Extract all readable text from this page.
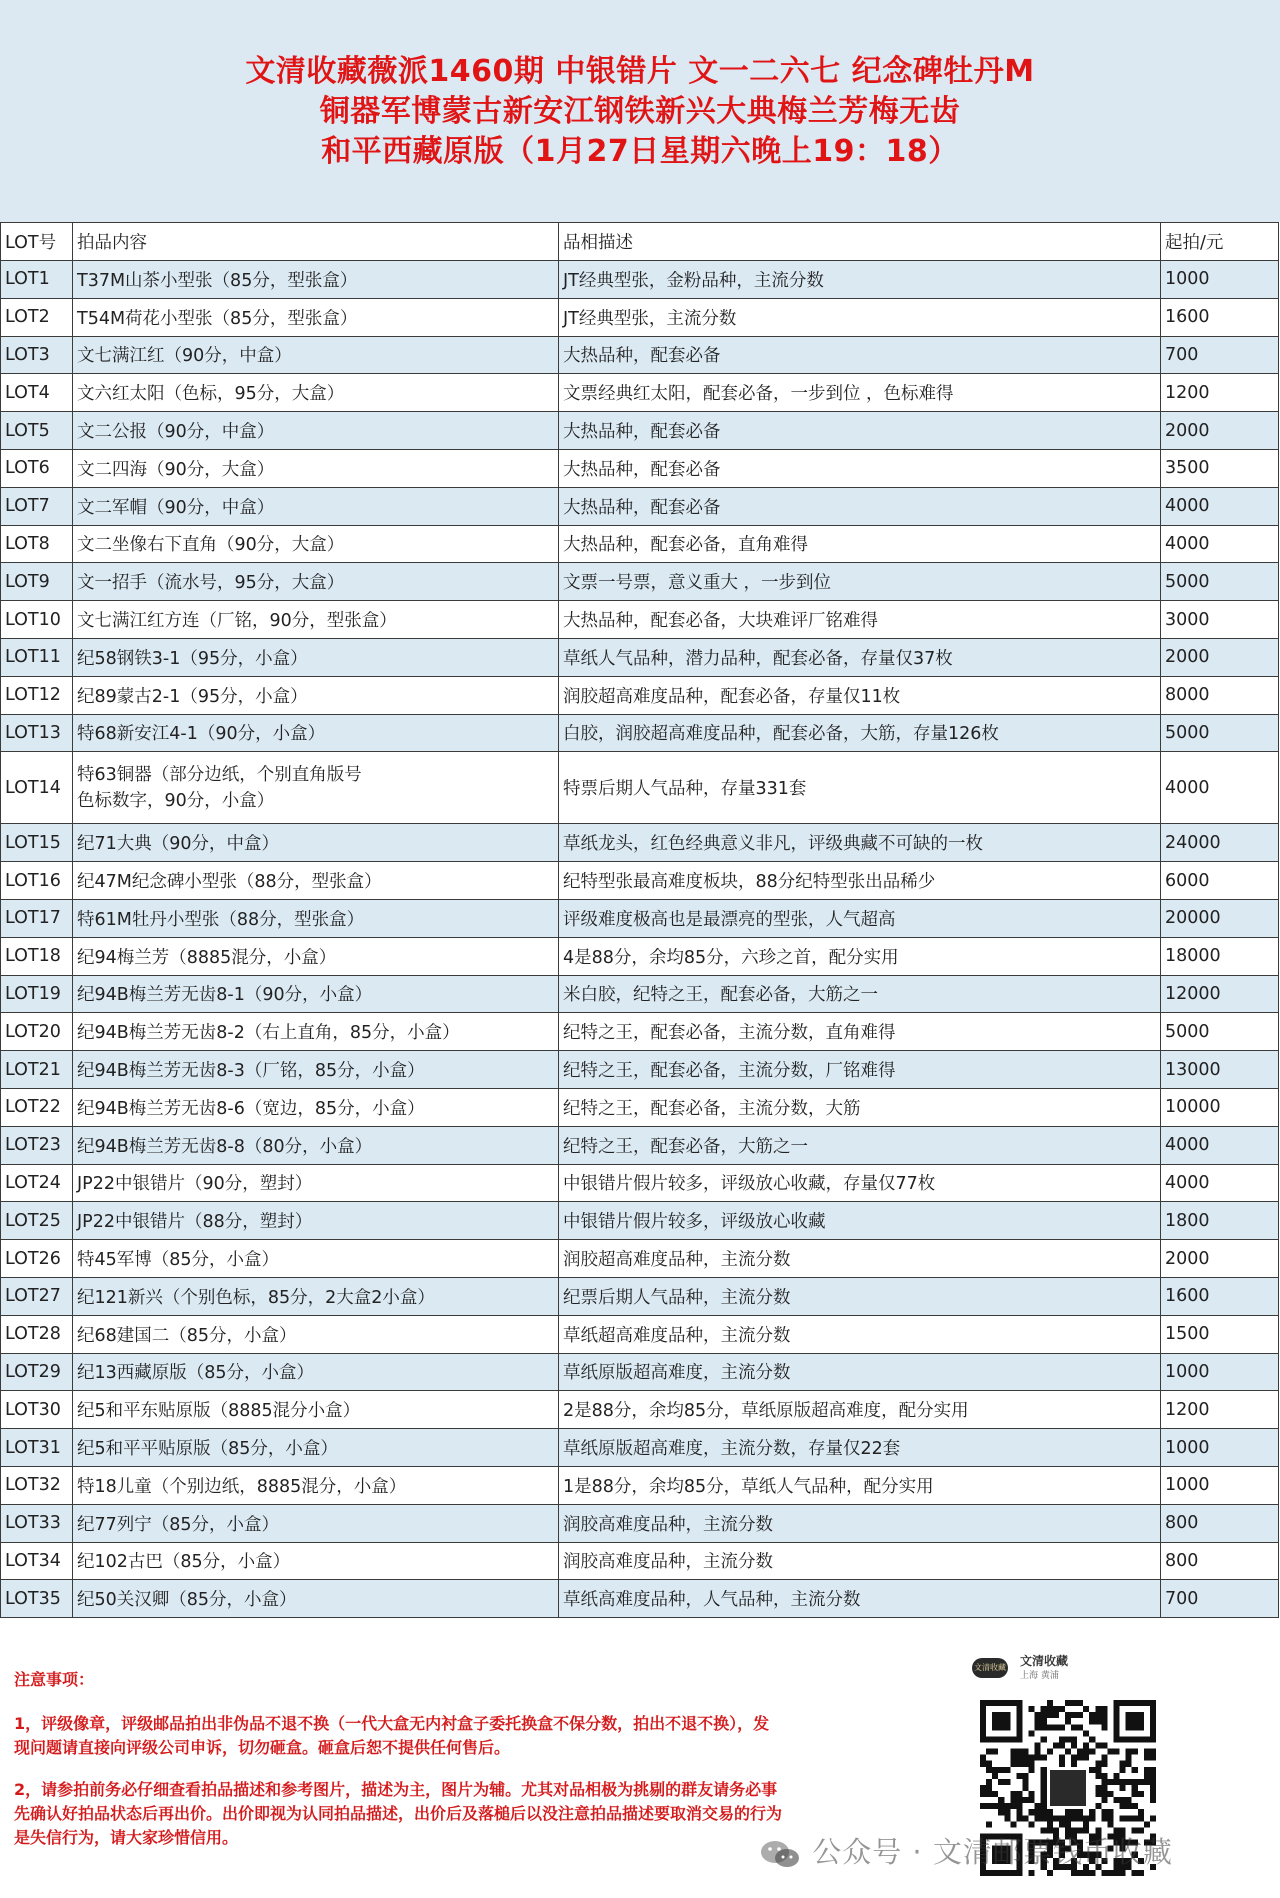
文清收藏薇派1460期 中银错片 文一二六七 纪念碑牡丹M
铜器军博蒙古新安江钢铁新兴大典梅兰芳梅无齿
和平西藏原版（1月27日星期六晚上19：18）
LOT号	拍品内容	品相描述	起拍/元
LOT1	T37M山茶小型张（85分，型张盒）	JT经典型张，金粉品种，主流分数	1000
LOT2	T54M荷花小型张（85分，型张盒）	JT经典型张，主流分数	1600
LOT3	文七满江红（90分，中盒）	大热品种，配套必备	700
LOT4	文六红太阳（色标，95分，大盒）	文票经典红太阳，配套必备，一步到位 ，色标难得	1200
LOT5	文二公报（90分，中盒）	大热品种，配套必备	2000
LOT6	文二四海（90分，大盒）	大热品种，配套必备	3500
LOT7	文二军帽（90分，中盒）	大热品种，配套必备	4000
LOT8	文二坐像右下直角（90分，大盒）	大热品种，配套必备，直角难得	4000
LOT9	文一招手（流水号，95分，大盒）	文票一号票，意义重大 ，一步到位	5000
LOT10	文七满江红方连（厂铭，90分，型张盒）	大热品种，配套必备，大块难评厂铭难得	3000
LOT11	纪58钢铁3-1（95分，小盒）	草纸人气品种，潜力品种，配套必备，存量仅37枚	2000
LOT12	纪89蒙古2-1（95分，小盒）	润胶超高难度品种，配套必备，存量仅11枚	8000
LOT13	特68新安江4-1（90分，小盒）	白胶，润胶超高难度品种，配套必备，大筋，存量126枚	5000
LOT14	特63铜器（部分边纸，个别直角版号
色标数字，90分，小盒）	特票后期人气品种，存量331套	4000
LOT15	纪71大典（90分，中盒）	草纸龙头，红色经典意义非凡，评级典藏不可缺的一枚	24000
LOT16	纪47M纪念碑小型张（88分，型张盒）	纪特型张最高难度板块，88分纪特型张出品稀少	6000
LOT17	特61M牡丹小型张（88分，型张盒）	评级难度极高也是最漂亮的型张，人气超高	20000
LOT18	纪94梅兰芳（8885混分，小盒）	4是88分，余均85分，六珍之首，配分实用	18000
LOT19	纪94B梅兰芳无齿8-1（90分，小盒）	米白胶，纪特之王，配套必备，大筋之一	12000
LOT20	纪94B梅兰芳无齿8-2（右上直角，85分，小盒）	纪特之王，配套必备，主流分数，直角难得	5000
LOT21	纪94B梅兰芳无齿8-3（厂铭，85分，小盒）	纪特之王，配套必备，主流分数，厂铭难得	13000
LOT22	纪94B梅兰芳无齿8-6（宽边，85分，小盒）	纪特之王，配套必备，主流分数，大筋	10000
LOT23	纪94B梅兰芳无齿8-8（80分，小盒）	纪特之王，配套必备，大筋之一	4000
LOT24	JP22中银错片（90分，塑封）	中银错片假片较多，评级放心收藏，存量仅77枚	4000
LOT25	JP22中银错片（88分，塑封）	中银错片假片较多，评级放心收藏	1800
LOT26	特45军博（85分，小盒）	润胶超高难度品种，主流分数	2000
LOT27	纪121新兴（个别色标，85分，2大盒2小盒）	纪票后期人气品种，主流分数	1600
LOT28	纪68建国二（85分，小盒）	草纸超高难度品种，主流分数	1500
LOT29	纪13西藏原版（85分，小盒）	草纸原版超高难度，主流分数	1000
LOT30	纪5和平东贴原版（8885混分小盒）	2是88分，余均85分，草纸原版超高难度，配分实用	1200
LOT31	纪5和平平贴原版（85分，小盒）	草纸原版超高难度，主流分数，存量仅22套	1000
LOT32	特18儿童（个别边纸，8885混分，小盒）	1是88分，余均85分，草纸人气品种，配分实用	1000
LOT33	纪77列宁（85分，小盒）	润胶高难度品种，主流分数	800
LOT34	纪102古巴（85分，小盒）	润胶高难度品种，主流分数	800
LOT35	纪50关汉卿（85分，小盒）	草纸高难度品种，人气品种，主流分数	700
注意事项：
1，评级像章，评级邮品拍出非伪品不退不换（一代大盒无内衬盒子委托换盒不保分数，拍出不退不换），发现问题请直接向评级公司申诉，切勿砸盒。砸盒后恕不提供任何售后。
2，请参拍前务必仔细查看拍品描述和参考图片，描述为主，图片为辅。尤其对品相极为挑剔的群友请务必事先确认好拍品状态后再出价。出价即视为认同拍品描述，出价后及落槌后以没注意拍品描述要取消交易的行为是失信行为，请大家珍惜信用。
文清收藏 文清收藏
上海 黄浦
公众号 · 文清邮票钱币收藏
